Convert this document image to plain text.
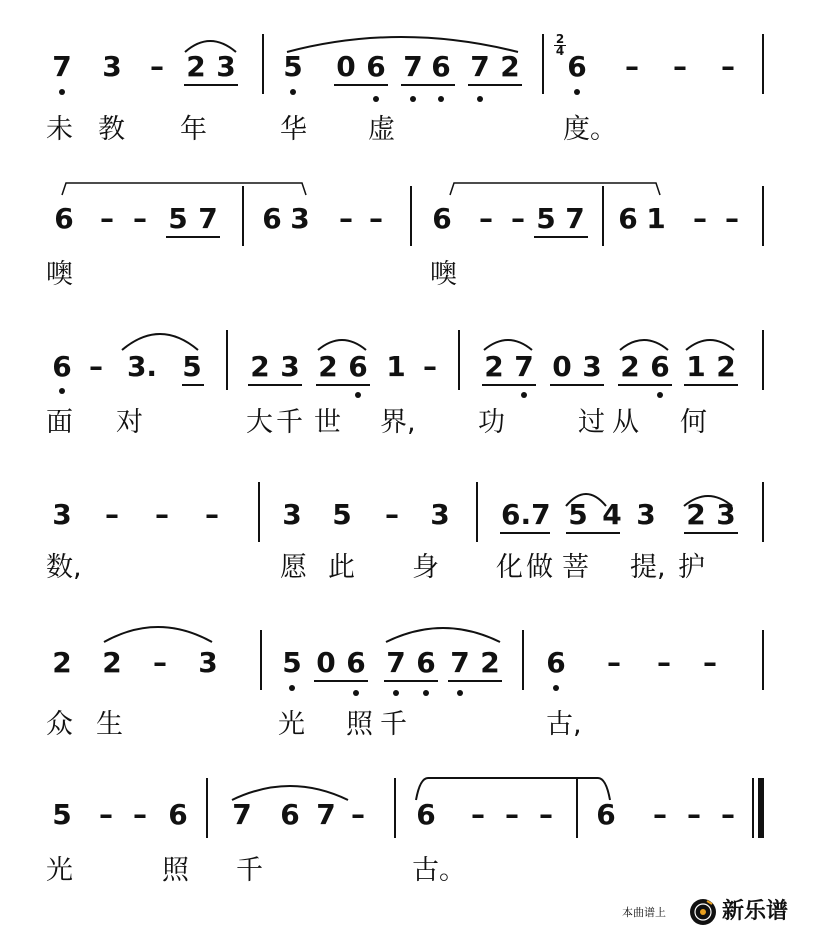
7 3 – 2 3 5 0 6 7 6 7 2 6 – – –
2
4
未 教 年	华 虚	度。
6 – – 5 7 6 3 – – 6 – – 5 7 6 1 – –
噢	噢
6 – 3. 5 2 3 2 6 1 – 2 7 0 3 2 6 1 2
面 对	大 千 世 界, 功	过 从 何
3 – – – 3 5 – 3 6.7 5 4 3 2 3
数,	愿 此 身 化 做 菩 提, 护
2 2 – 3 5 0 6 7 6 7 2 6 – – –
众 生	光 照 千	古,
5 – – 6 7 6 7 – 6 – – – 6 – – –
光	照 千	古。
本曲谱上	新乐谱
